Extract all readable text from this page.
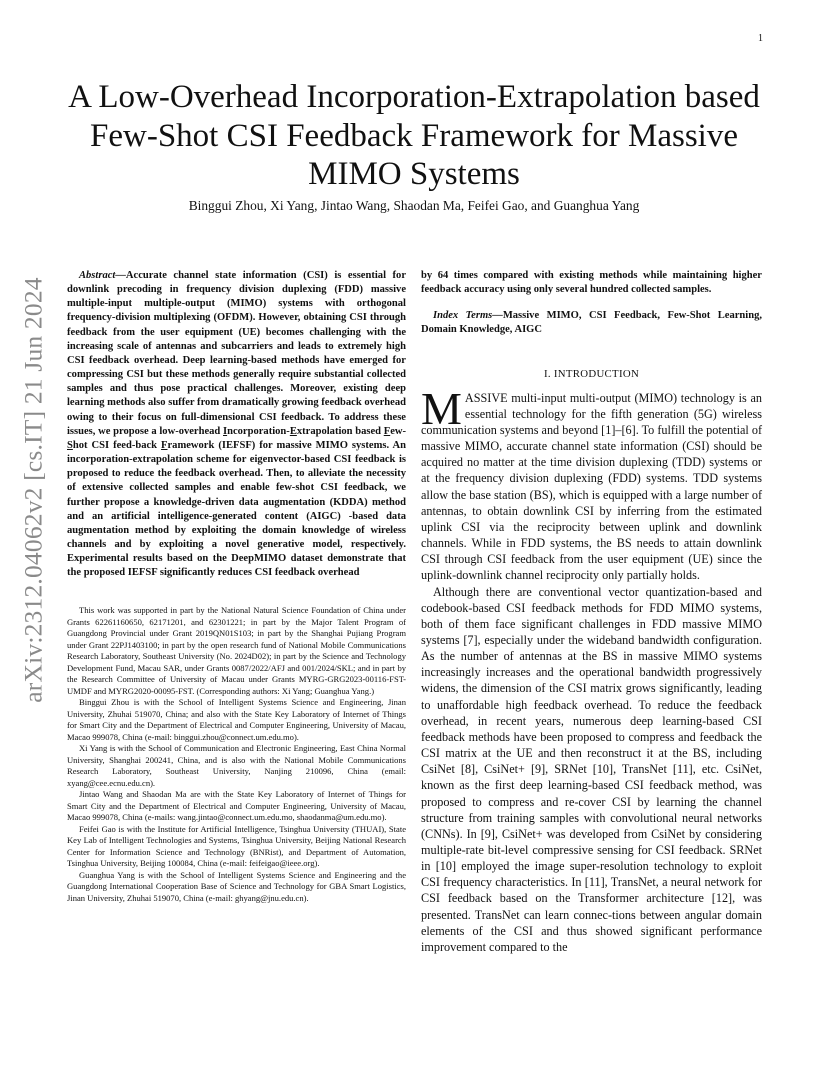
1
arXiv:2312.04062v2 [cs.IT] 21 Jun 2024
A Low-Overhead Incorporation-Extrapolation based Few-Shot CSI Feedback Framework for Massive MIMO Systems
Binggui Zhou, Xi Yang, Jintao Wang, Shaodan Ma, Feifei Gao, and Guanghua Yang

Abstract—Accurate channel state information (CSI) is essential for downlink precoding in frequency division duplexing (FDD) massive multiple-input multiple-output (MIMO) systems with orthogonal frequency-division multiplexing (OFDM). However, obtaining CSI through feedback from the user equipment (UE) becomes challenging with the increasing scale of antennas and subcarriers and leads to extremely high CSI feedback overhead. Deep learning-based methods have emerged for compressing CSI but these methods generally require substantial collected samples and thus pose practical challenges. Moreover, existing deep learning methods also suffer from dramatically growing feedback overhead owing to their focus on full-dimensional CSI feedback. To address these issues, we propose a low-overhead Incorporation-Extrapolation based Few-Shot CSI feed-back Framework (IEFSF) for massive MIMO systems. An incorporation-extrapolation scheme for eigenvector-based CSI feedback is proposed to reduce the feedback overhead. Then, to alleviate the necessity of extensive collected samples and enable few-shot CSI feedback, we further propose a knowledge-driven data augmentation (KDDA) method and an artificial intelligence-generated content (AIGC) -based data augmentation method by exploiting the domain knowledge of wireless channels and by exploiting a novel generative model, respectively. Experimental results based on the DeepMIMO dataset demonstrate that the proposed IEFSF significantly reduces CSI feedback overhead

This work was supported in part by the National Natural Science Foundation of China under Grants 62261160650, 62171201, and 62301221; in part by the Major Talent Program of Guangdong Provincial under Grant 2019QN01S103; in part by the Shanghai Pujiang Program under Grant 22PJ1403100; in part by the open research fund of National Mobile Communications Research Laboratory, Southeast University (No. 2024D02); in part by the Science and Technology Development Fund, Macau SAR, under Grants 0087/2022/AFJ and 001/2024/SKL; and in part by the Research Committee of University of Macau under Grants MYRG-GRG2023-00116-FST-UMDF and MYRG2020-00095-FST. (Corresponding authors: Xi Yang; Guanghua Yang.)

Binggui Zhou is with the School of Intelligent Systems Science and Engineering, Jinan University, Zhuhai 519070, China; and also with the State Key Laboratory of Internet of Things for Smart City and the Department of Electrical and Computer Engineering, University of Macau, Macao 999078, China (e-mail: binggui.zhou@connect.um.edu.mo).

Xi Yang is with the School of Communication and Electronic Engineering, East China Normal University, Shanghai 200241, China, and is also with the National Mobile Communications Research Laboratory, Southeast University, Nanjing 210096, China (email: xyang@cee.ecnu.edu.cn).

Jintao Wang and Shaodan Ma are with the State Key Laboratory of Internet of Things for Smart City and the Department of Electrical and Computer Engineering, University of Macau, Macao 999078, China (e-mails: wang.jintao@connect.um.edu.mo, shaodanma@um.edu.mo).

Feifei Gao is with the Institute for Artificial Intelligence, Tsinghua University (THUAI), State Key Lab of Intelligent Technologies and Systems, Tsinghua University, Beijing National Research Center for Information Science and Technology (BNRist), and Department of Automation, Tsinghua University, Beijing 100084, China (e-mail: feifeigao@ieee.org).

Guanghua Yang is with the School of Intelligent Systems Science and Engineering and the Guangdong International Cooperation Base of Science and Technology for GBA Smart Logistics, Jinan University, Zhuhai 519070, China (e-mail: ghyang@jnu.edu.cn).

by 64 times compared with existing methods while maintaining higher feedback accuracy using only several hundred collected samples.

Index Terms—Massive MIMO, CSI Feedback, Few-Shot Learning, Domain Knowledge, AIGC

I. INTRODUCTION

MASSIVE multi-input multi-output (MIMO) technology is an essential technology for the fifth generation (5G) wireless communication systems and beyond [1]–[6]. To fulfill the potential of massive MIMO, accurate channel state information (CSI) should be acquired no matter at the time division duplexing (TDD) systems or at the frequency division duplexing (FDD) systems. TDD systems allow the base station (BS), which is equipped with a large number of antennas, to obtain downlink CSI by inferring from the estimated uplink CSI via the reciprocity between uplink and downlink channels. While in FDD systems, the BS needs to attain downlink CSI through CSI feedback from the user equipment (UE) since the uplink-downlink channel reciprocity only partially holds.

Although there are conventional vector quantization-based and codebook-based CSI feedback methods for FDD MIMO systems, both of them face significant challenges in FDD massive MIMO systems [7], especially under the wideband bandwidth configuration. As the number of antennas at the BS in massive MIMO systems increasingly increases and the operational bandwidth progressively widens, the dimension of the CSI matrix grows significantly, leading to unaffordable high feedback overhead. To reduce the feedback overhead, in recent years, numerous deep learning-based CSI feedback methods have been proposed to compress and feedback the CSI matrix at the UE and then reconstruct it at the BS, including CsiNet [8], CsiNet+ [9], SRNet [10], TransNet [11], etc. CsiNet, known as the first deep learning-based CSI feedback method, was proposed to compress and re-cover CSI by learning the channel structure from training samples with convolutional neural networks (CNNs). In [9], CsiNet+ was developed from CsiNet by considering multiple-rate bit-level compressive sensing for CSI feedback. SRNet in [10] employed the image super-resolution technology to exploit CSI frequency characteristics. In [11], TransNet, a neural network for CSI feedback based on the Transformer architecture [12], was presented. TransNet can learn connec-tions between angular domain elements of the CSI and thus showed significant performance improvement compared to the
